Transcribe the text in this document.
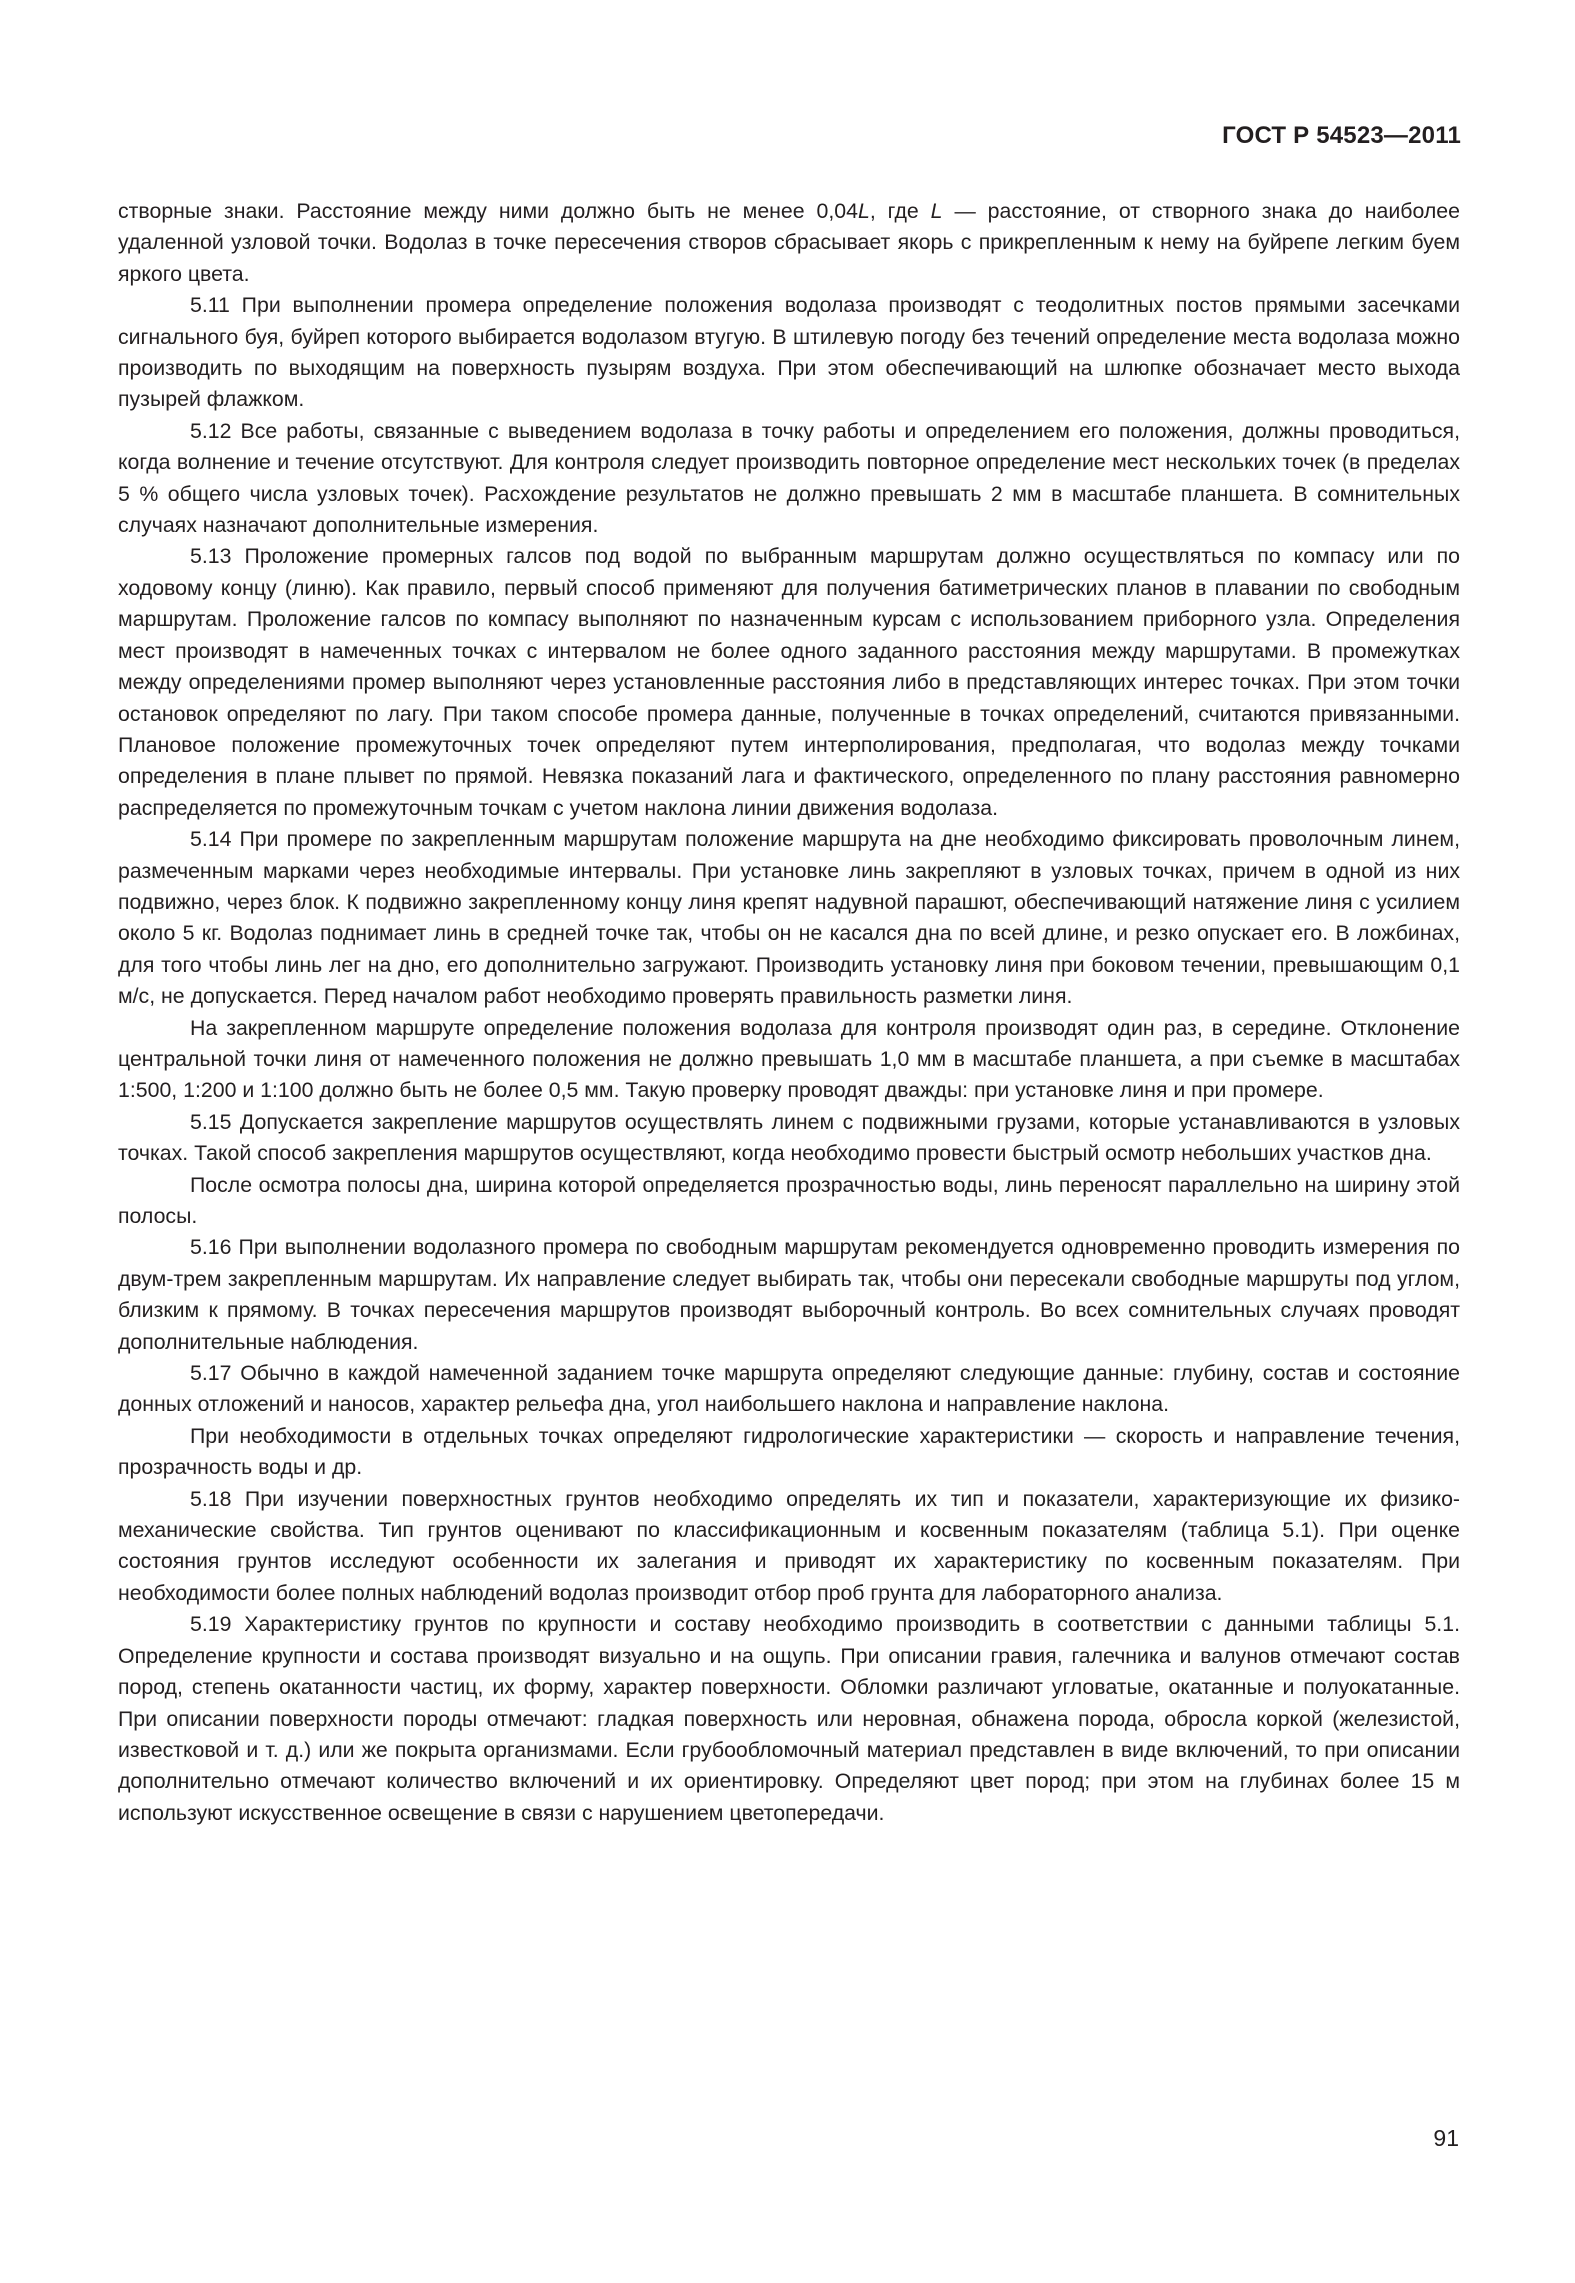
ГОСТ Р 54523—2011

створные знаки. Расстояние между ними должно быть не менее 0,04L, где L — расстояние, от створного знака до наиболее удаленной узловой точки. Водолаз в точке пересечения створов сбрасывает якорь с прикрепленным к нему на буйрепе легким буем яркого цвета.

5.11 При выполнении промера определение положения водолаза производят с теодолитных постов прямыми засечками сигнального буя, буйреп которого выбирается водолазом втугую. В штилевую погоду без течений определение места водолаза можно производить по выходящим на поверхность пузырям воздуха. При этом обеспечивающий на шлюпке обозначает место выхода пузырей флажком.

5.12 Все работы, связанные с выведением водолаза в точку работы и определением его положения, должны проводиться, когда волнение и течение отсутствуют. Для контроля следует производить повторное определение мест нескольких точек (в пределах 5 % общего числа узловых точек). Расхождение результатов не должно превышать 2 мм в масштабе планшета. В сомнительных случаях назначают дополнительные измерения.

5.13 Проложение промерных галсов под водой по выбранным маршрутам должно осуществляться по компасу или по ходовому концу (линю). Как правило, первый способ применяют для получения батиметрических планов в плавании по свободным маршрутам. Проложение галсов по компасу выполняют по назначенным курсам с использованием приборного узла. Определения мест производят в намеченных точках с интервалом не более одного заданного расстояния между маршрутами. В промежутках между определениями промер выполняют через установленные расстояния либо в представляющих интерес точках. При этом точки остановок определяют по лагу. При таком способе промера данные, полученные в точках определений, считаются привязанными. Плановое положение промежуточных точек определяют путем интерполирования, предполагая, что водолаз между точками определения в плане плывет по прямой. Невязка показаний лага и фактического, определенного по плану расстояния равномерно распределяется по промежуточным точкам с учетом наклона линии движения водолаза.

5.14 При промере по закрепленным маршрутам положение маршрута на дне необходимо фиксировать проволочным линем, размеченным марками через необходимые интервалы. При установке линь закрепляют в узловых точках, причем в одной из них подвижно, через блок. К подвижно закрепленному концу линя крепят надувной парашют, обеспечивающий натяжение линя с усилием около 5 кг. Водолаз поднимает линь в средней точке так, чтобы он не касался дна по всей длине, и резко опускает его. В ложбинах, для того чтобы линь лег на дно, его дополнительно загружают. Производить установку линя при боковом течении, превышающим 0,1 м/с, не допускается. Перед началом работ необходимо проверять правильность разметки линя.

На закрепленном маршруте определение положения водолаза для контроля производят один раз, в середине. Отклонение центральной точки линя от намеченного положения не должно превышать 1,0 мм в масштабе планшета, а при съемке в масштабах 1:500, 1:200 и 1:100 должно быть не более 0,5 мм. Такую проверку проводят дважды: при установке линя и при промере.

5.15 Допускается закрепление маршрутов осуществлять линем с подвижными грузами, которые устанавливаются в узловых точках. Такой способ закрепления маршрутов осуществляют, когда необходимо провести быстрый осмотр небольших участков дна.

После осмотра полосы дна, ширина которой определяется прозрачностью воды, линь переносят параллельно на ширину этой полосы.

5.16 При выполнении водолазного промера по свободным маршрутам рекомендуется одновременно проводить измерения по двум-трем закрепленным маршрутам. Их направление следует выбирать так, чтобы они пересекали свободные маршруты под углом, близким к прямому. В точках пересечения маршрутов производят выборочный контроль. Во всех сомнительных случаях проводят дополнительные наблюдения.

5.17 Обычно в каждой намеченной заданием точке маршрута определяют следующие данные: глубину, состав и состояние донных отложений и наносов, характер рельефа дна, угол наибольшего наклона и направление наклона.

При необходимости в отдельных точках определяют гидрологические характеристики — скорость и направление течения, прозрачность воды и др.

5.18 При изучении поверхностных грунтов необходимо определять их тип и показатели, характеризующие их физико-механические свойства. Тип грунтов оценивают по классификационным и косвенным показателям (таблица 5.1). При оценке состояния грунтов исследуют особенности их залегания и приводят их характеристику по косвенным показателям. При необходимости более полных наблюдений водолаз производит отбор проб грунта для лабораторного анализа.

5.19 Характеристику грунтов по крупности и составу необходимо производить в соответствии с данными таблицы 5.1. Определение крупности и состава производят визуально и на ощупь. При описании гравия, галечника и валунов отмечают состав пород, степень окатанности частиц, их форму, характер поверхности. Обломки различают угловатые, окатанные и полуокатанные. При описании поверхности породы отмечают: гладкая поверхность или неровная, обнажена порода, обросла коркой (железистой, известковой и т. д.) или же покрыта организмами. Если грубообломочный материал представлен в виде включений, то при описании дополнительно отмечают количество включений и их ориентировку. Определяют цвет пород; при этом на глубинах более 15 м используют искусственное освещение в связи с нарушением цветопередачи.

91
